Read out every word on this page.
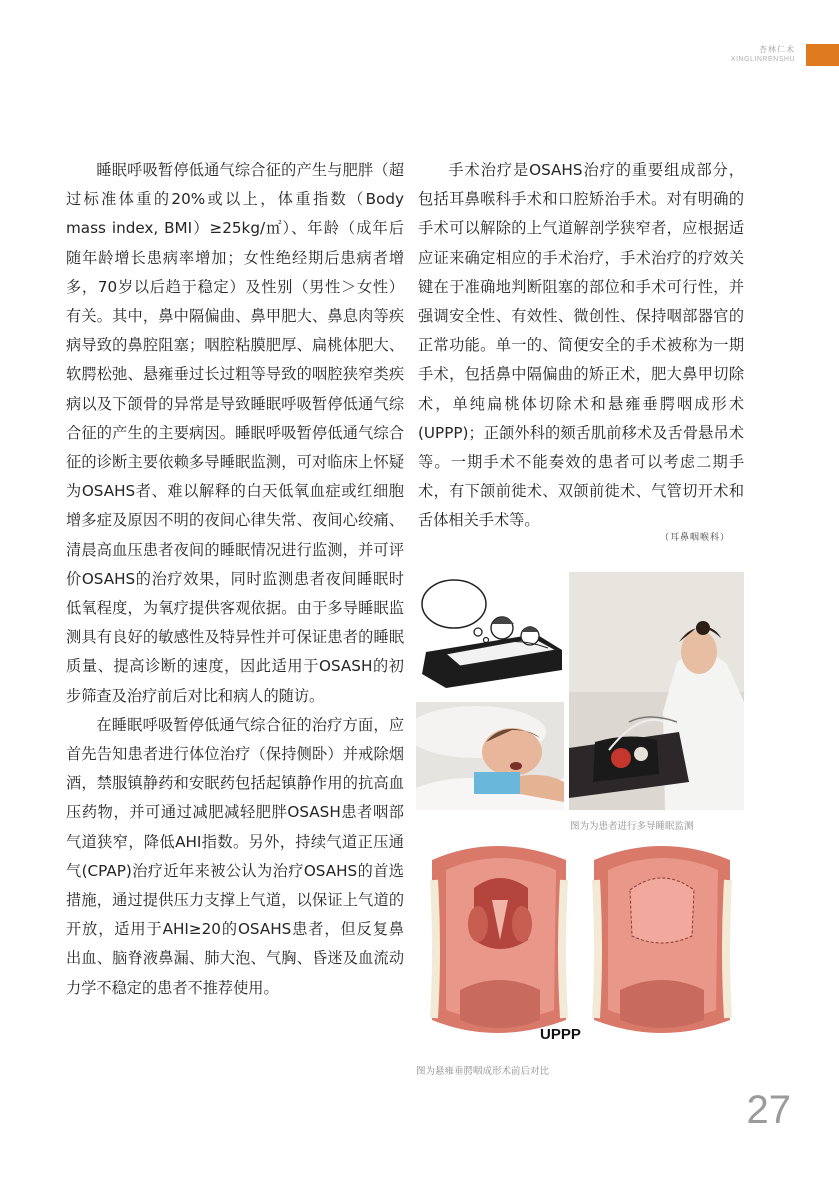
杏林仁术
XINGLINRENSHU

睡眠呼吸暂停低通气综合征的产生与肥胖（超过标准体重的20%或以上，体重指数（Body mass index, BMI）≥25kg/㎡）、年龄（成年后随年龄增长患病率增加；女性绝经期后患病者增多，70岁以后趋于稳定）及性别（男性＞女性）有关。其中，鼻中隔偏曲、鼻甲肥大、鼻息肉等疾病导致的鼻腔阻塞；咽腔粘膜肥厚、扁桃体肥大、软腭松弛、悬雍垂过长过粗等导致的咽腔狭窄类疾病以及下颌骨的异常是导致睡眠呼吸暂停低通气综合征的产生的主要病因。睡眠呼吸暂停低通气综合征的诊断主要依赖多导睡眠监测，可对临床上怀疑为OSAHS者、难以解释的白天低氧血症或红细胞增多症及原因不明的夜间心律失常、夜间心绞痛、清晨高血压患者夜间的睡眠情况进行监测，并可评价OSAHS的治疗效果，同时监测患者夜间睡眠时低氧程度，为氧疗提供客观依据。由于多导睡眠监测具有良好的敏感性及特异性并可保证患者的睡眠质量、提高诊断的速度，因此适用于OSASH的初步筛查及治疗前后对比和病人的随访。

在睡眠呼吸暂停低通气综合征的治疗方面，应首先告知患者进行体位治疗（保持侧卧）并戒除烟酒，禁服镇静药和安眠药包括起镇静作用的抗高血压药物，并可通过减肥减轻肥胖OSASH患者咽部气道狭窄，降低AHI指数。另外，持续气道正压通气(CPAP)治疗近年来被公认为治疗OSAHS的首选措施，通过提供压力支撑上气道，以保证上气道的开放，适用于AHI≥20的OSAHS患者，但反复鼻出血、脑脊液鼻漏、肺大泡、气胸、昏迷及血流动力学不稳定的患者不推荐使用。

手术治疗是OSAHS治疗的重要组成部分，包括耳鼻喉科手术和口腔矫治手术。对有明确的手术可以解除的上气道解剖学狭窄者，应根据适应证来确定相应的手术治疗，手术治疗的疗效关键在于准确地判断阻塞的部位和手术可行性，并强调安全性、有效性、微创性、保持咽部器官的正常功能。单一的、简便安全的手术被称为一期手术，包括鼻中隔偏曲的矫正术，肥大鼻甲切除术，单纯扁桃体切除术和悬雍垂腭咽成形术(UPPP)；正颌外科的颏舌肌前移术及舌骨悬吊术等。一期手术不能奏效的患者可以考虑二期手术，有下颌前徙术、双颌前徙术、气管切开术和舌体相关手术等。

（耳鼻咽喉科）
图为为患者进行多导睡眠监测
UPPP
图为悬雍垂腭咽成形术前后对比
27
